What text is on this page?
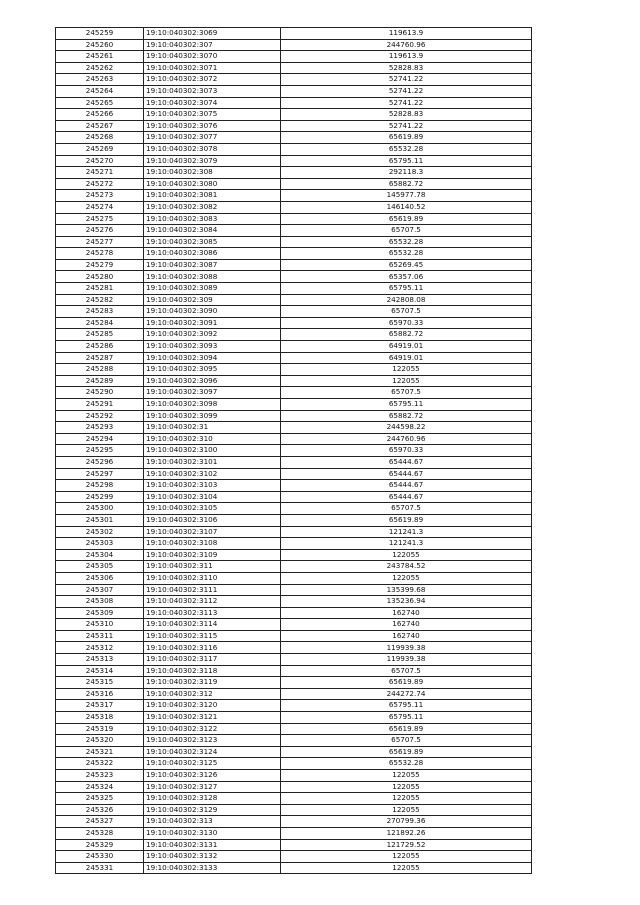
245259	19:10:040302:3069	119613.9
245260	19:10:040302:307	244760.96
245261	19:10:040302:3070	119613.9
245262	19:10:040302:3071	52828.83
245263	19:10:040302:3072	52741.22
245264	19:10:040302:3073	52741.22
245265	19:10:040302:3074	52741.22
245266	19:10:040302:3075	52828.83
245267	19:10:040302:3076	52741.22
245268	19:10:040302:3077	65619.89
245269	19:10:040302:3078	65532.28
245270	19:10:040302:3079	65795.11
245271	19:10:040302:308	292118.3
245272	19:10:040302:3080	65882.72
245273	19:10:040302:3081	145977.78
245274	19:10:040302:3082	146140.52
245275	19:10:040302:3083	65619.89
245276	19:10:040302:3084	65707.5
245277	19:10:040302:3085	65532.28
245278	19:10:040302:3086	65532.28
245279	19:10:040302:3087	65269.45
245280	19:10:040302:3088	65357.06
245281	19:10:040302:3089	65795.11
245282	19:10:040302:309	242808.08
245283	19:10:040302:3090	65707.5
245284	19:10:040302:3091	65970.33
245285	19:10:040302:3092	65882.72
245286	19:10:040302:3093	64919.01
245287	19:10:040302:3094	64919.01
245288	19:10:040302:3095	122055
245289	19:10:040302:3096	122055
245290	19:10:040302:3097	65707.5
245291	19:10:040302:3098	65795.11
245292	19:10:040302:3099	65882.72
245293	19:10:040302:31	244598.22
245294	19:10:040302:310	244760.96
245295	19:10:040302:3100	65970.33
245296	19:10:040302:3101	65444.67
245297	19:10:040302:3102	65444.67
245298	19:10:040302:3103	65444.67
245299	19:10:040302:3104	65444.67
245300	19:10:040302:3105	65707.5
245301	19:10:040302:3106	65619.89
245302	19:10:040302:3107	121241.3
245303	19:10:040302:3108	121241.3
245304	19:10:040302:3109	122055
245305	19:10:040302:311	243784.52
245306	19:10:040302:3110	122055
245307	19:10:040302:3111	135399.68
245308	19:10:040302:3112	135236.94
245309	19:10:040302:3113	162740
245310	19:10:040302:3114	162740
245311	19:10:040302:3115	162740
245312	19:10:040302:3116	119939.38
245313	19:10:040302:3117	119939.38
245314	19:10:040302:3118	65707.5
245315	19:10:040302:3119	65619.89
245316	19:10:040302:312	244272.74
245317	19:10:040302:3120	65795.11
245318	19:10:040302:3121	65795.11
245319	19:10:040302:3122	65619.89
245320	19:10:040302:3123	65707.5
245321	19:10:040302:3124	65619.89
245322	19:10:040302:3125	65532.28
245323	19:10:040302:3126	122055
245324	19:10:040302:3127	122055
245325	19:10:040302:3128	122055
245326	19:10:040302:3129	122055
245327	19:10:040302:313	270799.36
245328	19:10:040302:3130	121892.26
245329	19:10:040302:3131	121729.52
245330	19:10:040302:3132	122055
245331	19:10:040302:3133	122055
